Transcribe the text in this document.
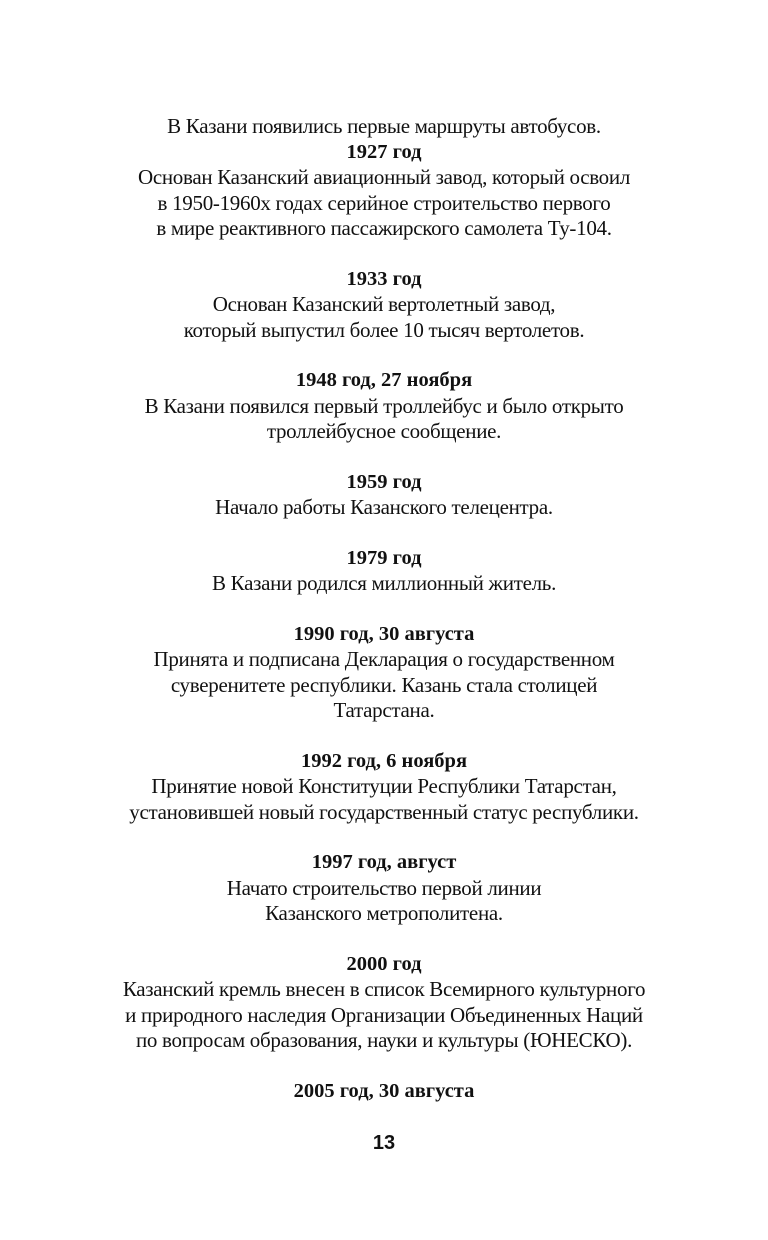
В Казани появились первые маршруты автобусов.
1927 год
Основан Казанский авиационный завод, который освоил
в 1950-1960х годах серийное строительство первого
в мире реактивного пассажирского самолета Ту-104.
1933 год
Основан Казанский вертолетный завод,
который выпустил более 10 тысяч вертолетов.
1948 год, 27 ноября
В Казани появился первый троллейбус и было открыто
троллейбусное сообщение.
1959 год
Начало работы Казанского телецентра.
1979 год
В Казани родился миллионный житель.
1990 год, 30 августа
Принята и подписана Декларация о государственном
суверенитете республики. Казань стала столицей
Татарстана.
1992 год, 6 ноября
Принятие новой Конституции Республики Татарстан,
установившей новый государственный статус республики.
1997 год, август
Начато строительство первой линии
Казанского метрополитена.
2000 год
Казанский кремль внесен в список Всемирного культурного
и природного наследия Организации Объединенных Наций
по вопросам образования, науки и культуры (ЮНЕСКО).
2005 год, 30 августа
13
